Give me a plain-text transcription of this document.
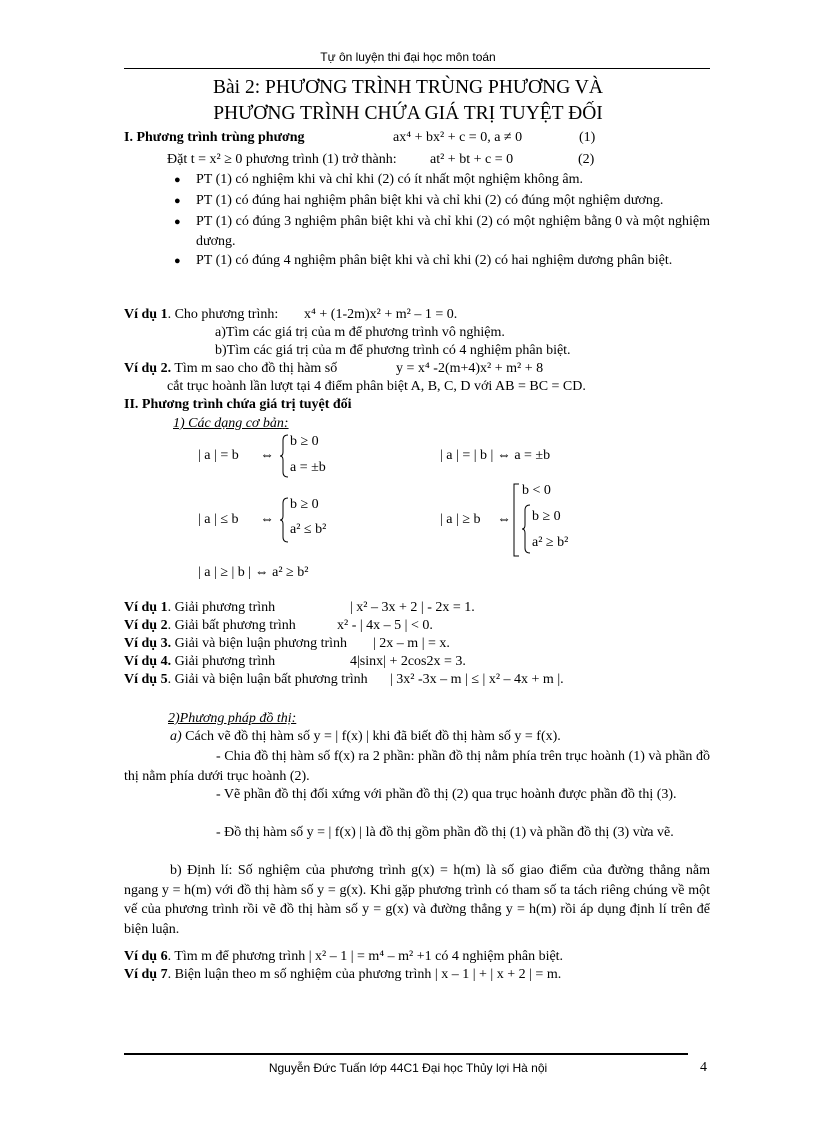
Tự ôn luyện thi đại học môn toán
Bài 2: PHƯƠNG TRÌNH TRÙNG PHƯƠNG VÀ
PHƯƠNG TRÌNH CHỨA GIÁ TRỊ TUYỆT ĐỐI
I. Phương trình trùng phương	ax⁴ + bx² + c = 0, a ≠ 0	(1)
Đặt t = x² ≥ 0 phương trình (1) trở thành: at² + bt + c = 0	(2)
● PT (1) có nghiệm khi và chỉ khi (2) có ít nhất một nghiệm không âm.
● PT (1) có đúng hai nghiệm phân biệt khi và chỉ khi (2) có đúng một nghiệm dương.
● PT (1) có đúng 3 nghiệm phân biệt khi và chỉ khi (2) có một nghiệm bằng 0 và một nghiệm dương.
● PT (1) có đúng 4 nghiệm phân biệt khi và chỉ khi (2) có hai nghiệm dương phân biệt.
Ví dụ 1. Cho phương trình: x⁴ + (1-2m)x² + m² – 1 = 0.
a)Tìm các giá trị của m để phương trình vô nghiệm.
b)Tìm các giá trị của m để phương trình có 4 nghiệm phân biệt.
Ví dụ 2. Tìm m sao cho đồ thị hàm số	y = x⁴ -2(m+4)x² + m² + 8
cắt trục hoành lần lượt tại 4 điểm phân biệt A, B, C, D với AB = BC = CD.
II. Phương trình chứa giá trị tuyệt đối
1) Các dạng cơ bản:
| a | = b ⇔
b ≥ 0
a = ±b
| a | = | b | ⇔ a = ±b
| a | ≤ b ⇔
b ≥ 0
a² ≤ b²
| a | ≥ b ⇔
b < 0
b ≥ 0
a² ≥ b²
| a | ≥ | b | ⇔ a² ≥ b²
Ví dụ 1. Giải phương trình	| x² – 3x + 2 | - 2x = 1.
Ví dụ 2. Giải bất phương trình	x² - | 4x – 5 | < 0.
Ví dụ 3. Giải và biện luận phương trình | 2x – m | = x.
Ví dụ 4. Giải phương trình	4|sinx| + 2cos2x = 3.
Ví dụ 5. Giải và biện luận bất phương trình | 3x² -3x – m | ≤ | x² – 4x + m |.
2)Phương pháp đồ thị:
a) Cách vẽ đồ thị hàm số y = | f(x) | khi đã biết đồ thị hàm số y = f(x).
- Chia đồ thị hàm số f(x) ra 2 phần: phần đồ thị nằm phía trên trục hoành (1) và phần đồ thị nằm phía dưới trục hoành (2).
- Vẽ phần đồ thị đối xứng với phần đồ thị (2) qua trục hoành được phần đồ thị (3).
- Đồ thị hàm số y = | f(x) | là đồ thị gồm phần đồ thị (1) và phần đồ thị (3) vừa vẽ.
b) Định lí: Số nghiệm của phương trình g(x) = h(m) là số giao điểm của đường thẳng nằm ngang y = h(m) với đồ thị hàm số y = g(x). Khi gặp phương trình có tham số ta tách riêng chúng về một vế của phương trình rồi vẽ đồ thị hàm số y = g(x) và đường thẳng y = h(m) rồi áp dụng định lí trên để biện luận.
Ví dụ 6. Tìm m để phương trình | x² – 1 | = m⁴ – m² +1 có 4 nghiệm phân biệt.
Ví dụ 7. Biện luận theo m số nghiệm của phương trình | x – 1 | + | x + 2 | = m.
Nguyễn Đức Tuấn lớp 44C1 Đại học Thủy lợi Hà nội	4
